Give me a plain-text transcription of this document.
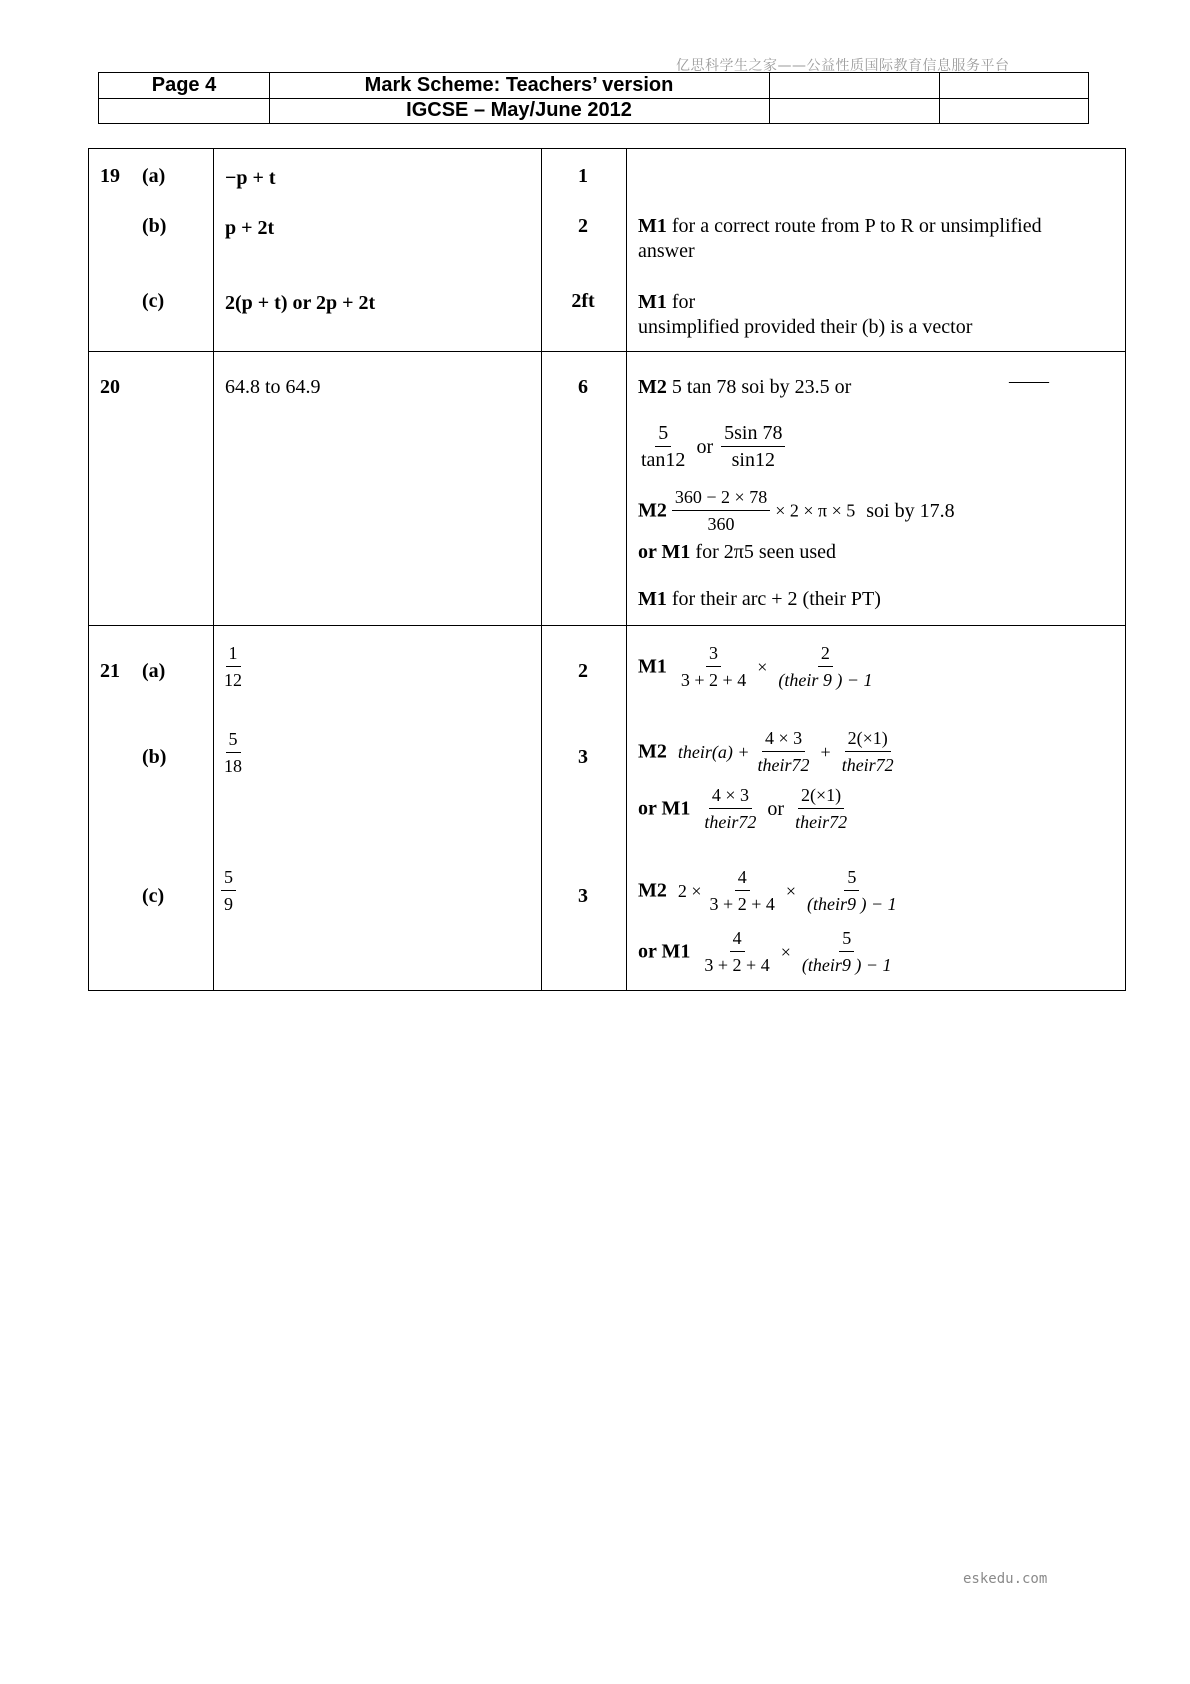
亿思科学生之家——公益性质国际教育信息服务平台
Page 4	Mark Scheme: Teachers’ version
IGCSE – May/June 2012
19 (a)	−p + t	1
(b)	p + 2t	2	M1 for a correct route from P to R or unsimplified
answer
(c)	2(p + t) or 2p + 2t	2ft	M1 for
unsimplified provided their (b) is a vector
20	64.8 to 64.9	6	M2 5 tan 78 soi by 23.5 or	——
$\frac{5}{\tan 12}$ or $\frac{5\sin 78}{\sin 12}$
$M2 \frac{360 - 2 \times 78}{360} \times 2 \times \pi \times 5$ soi by 17.8
or M1 for 2π5 seen used
M1 for their arc + 2 (their PT)
21 (a)	$\frac{1}{12}$	2	$M1 \frac{3}{3 + 2 + 4} \times \frac{2}{\text{(their 9 ) − 1}}$
(b)	$\frac{5}{18}$	3	M2 their(a) + $\frac{4 \times 3}{\text{their72}} + \frac{2(\times 1)}{\text{their72}}$
or $M1 \frac{4 \times 3}{\text{their72}}$ or $\frac{2(\times 1)}{\text{their72}}$
(c)	$\frac{5}{9}$	3	M2 $2 \times \frac{4}{3 + 2 + 4} \times \frac{5}{\text{(their9 ) − 1}}$
or $M1 \frac{4}{3 + 2 + 4} \times \frac{5}{\text{(their9 ) − 1}}$
eskedu.com
